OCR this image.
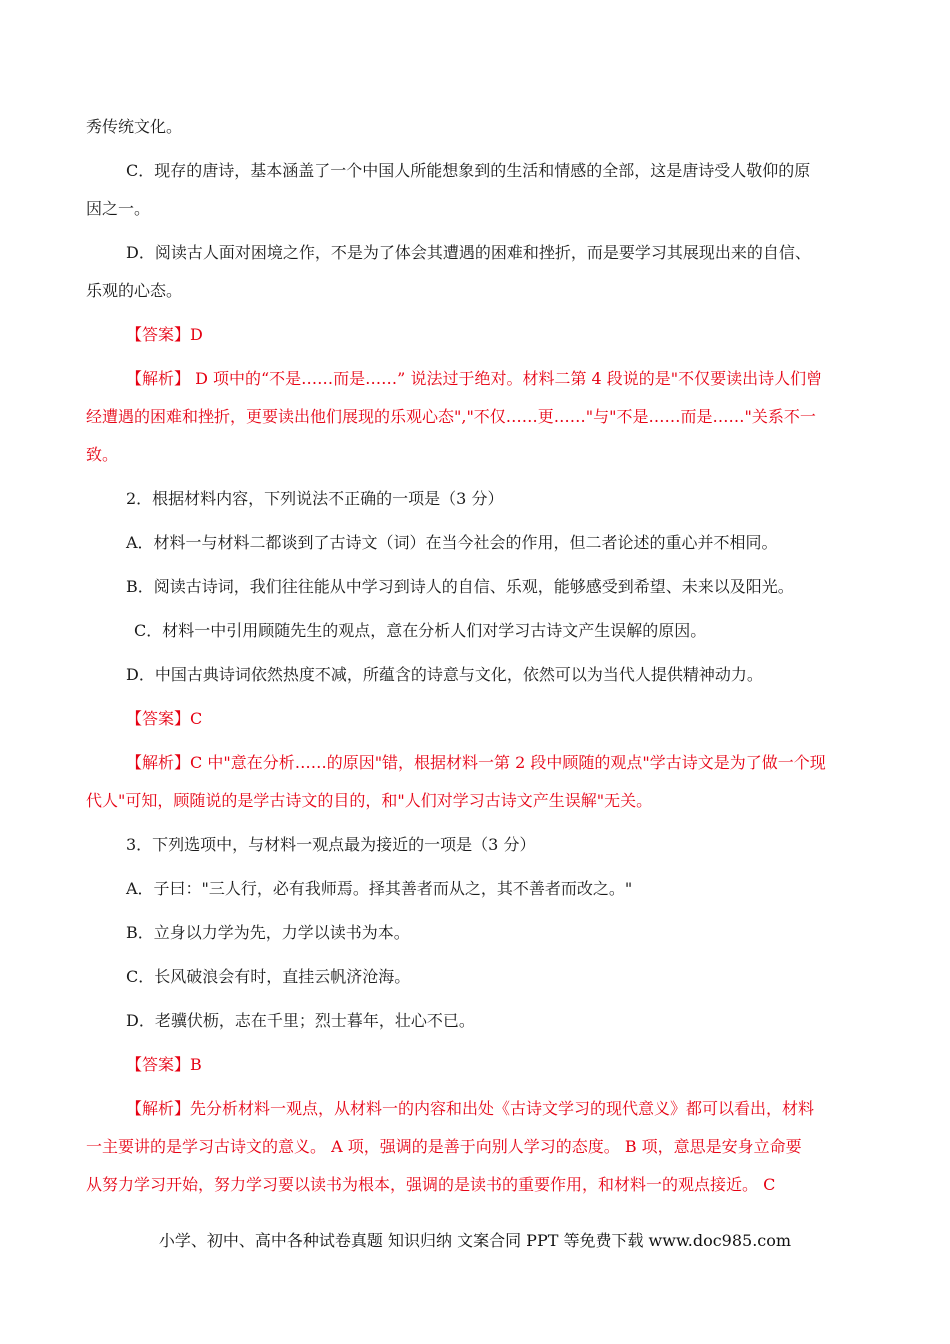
秀传统文化。
C．现存的唐诗，基本涵盖了一个中国人所能想象到的生活和情感的全部，这是唐诗受人敬仰的原
因之一。
D．阅读古人面对困境之作，不是为了体会其遭遇的困难和挫折，而是要学习其展现出来的自信、
乐观的心态。
【答案】D
【解析】 D 项中的“不是……而是……” 说法过于绝对。材料二第 4 段说的是"不仅要读出诗人们曾
经遭遇的困难和挫折，更要读出他们展现的乐观心态","不仅……更……"与"不是……而是……"关系不一
致。
2．根据材料内容，下列说法不正确的一项是（3 分）
A．材料一与材料二都谈到了古诗文（词）在当今社会的作用，但二者论述的重心并不相同。
B．阅读古诗词，我们往往能从中学习到诗人的自信、乐观，能够感受到希望、未来以及阳光。
C．材料一中引用顾随先生的观点，意在分析人们对学习古诗文产生误解的原因。
D．中国古典诗词依然热度不减，所蕴含的诗意与文化，依然可以为当代人提供精神动力。
【答案】C
【解析】C 中"意在分析……的原因"错，根据材料一第 2 段中顾随的观点"学古诗文是为了做一个现
代人"可知，顾随说的是学古诗文的目的，和"人们对学习古诗文产生误解"无关。
3．下列选项中，与材料一观点最为接近的一项是（3 分）
A．子曰："三人行，必有我师焉。择其善者而从之，其不善者而改之。"
B．立身以力学为先，力学以读书为本。
C．长风破浪会有时，直挂云帆济沧海。
D．老骥伏枥，志在千里；烈士暮年，壮心不已。
【答案】B
【解析】先分析材料一观点，从材料一的内容和出处《古诗文学习的现代意义》都可以看出，材料
一主要讲的是学习古诗文的意义。 A 项，强调的是善于向别人学习的态度。 B 项，意思是安身立命要
从努力学习开始，努力学习要以读书为根本，强调的是读书的重要作用，和材料一的观点接近。 C
小学、初中、高中各种试卷真题 知识归纳 文案合同 PPT 等免费下载 www.doc985.com
